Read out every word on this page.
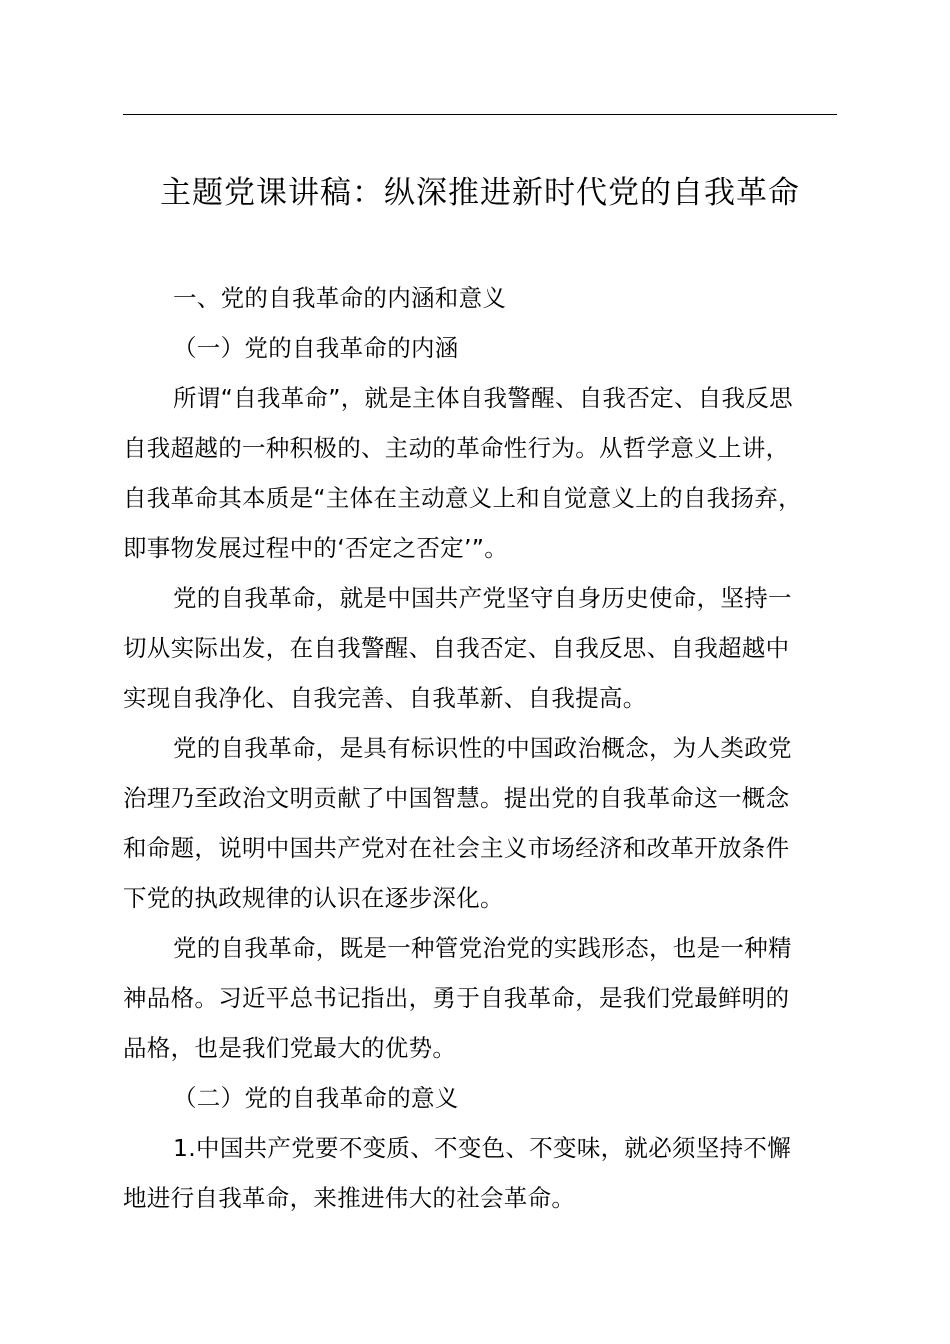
主题党课讲稿：纵深推进新时代党的自我革命
一、党的自我革命的内涵和意义
（一）党的自我革命的内涵
所谓“自我革命”，就是主体自我警醒、自我否定、自我反思
自我超越的一种积极的、主动的革命性行为。从哲学意义上讲，
自我革命其本质是“主体在主动意义上和自觉意义上的自我扬弃，
即事物发展过程中的‘否定之否定’”。
党的自我革命，就是中国共产党坚守自身历史使命，坚持一
切从实际出发，在自我警醒、自我否定、自我反思、自我超越中
实现自我净化、自我完善、自我革新、自我提高。
党的自我革命，是具有标识性的中国政治概念，为人类政党
治理乃至政治文明贡献了中国智慧。提出党的自我革命这一概念
和命题，说明中国共产党对在社会主义市场经济和改革开放条件
下党的执政规律的认识在逐步深化。
党的自我革命，既是一种管党治党的实践形态，也是一种精
神品格。习近平总书记指出，勇于自我革命，是我们党最鲜明的
品格，也是我们党最大的优势。
（二）党的自我革命的意义
1.中国共产党要不变质、不变色、不变味，就必须坚持不懈
地进行自我革命，来推进伟大的社会革命。
